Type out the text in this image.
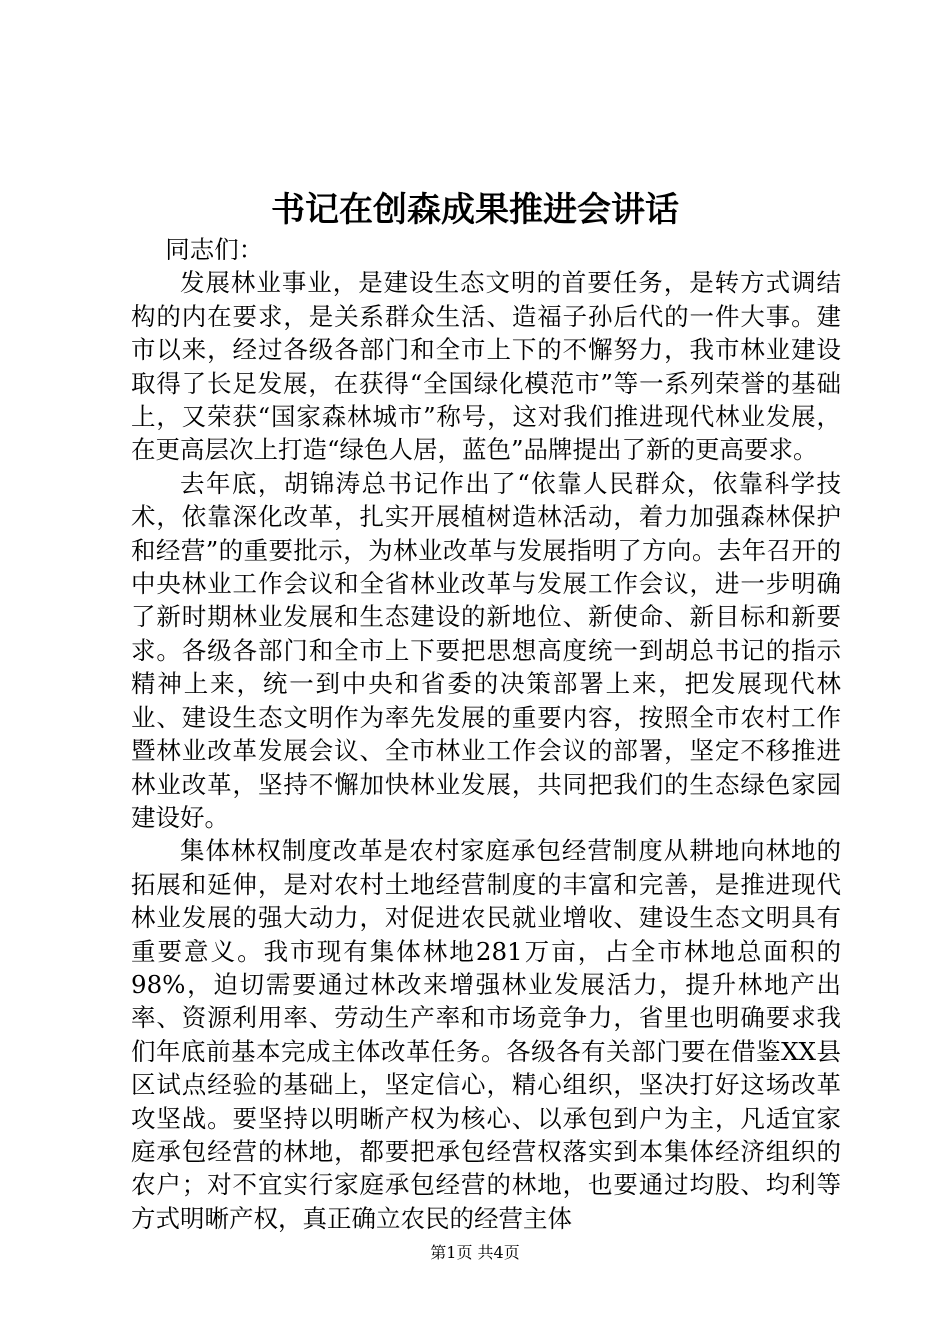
书记在创森成果推进会讲话

同志们：

发展林业事业，是建设生态文明的首要任务，是转方式调结构的内在要求，是关系群众生活、造福子孙后代的一件大事。建市以来，经过各级各部门和全市上下的不懈努力，我市林业建设取得了长足发展，在获得“全国绿化模范市”等一系列荣誉的基础上，又荣获“国家森林城市”称号，这对我们推进现代林业发展，在更高层次上打造“绿色人居，蓝色”品牌提出了新的更高要求。

去年底，胡锦涛总书记作出了“依靠人民群众，依靠科学技术，依靠深化改革，扎实开展植树造林活动，着力加强森林保护和经营”的重要批示，为林业改革与发展指明了方向。去年召开的中央林业工作会议和全省林业改革与发展工作会议，进一步明确了新时期林业发展和生态建设的新地位、新使命、新目标和新要求。各级各部门和全市上下要把思想高度统一到胡总书记的指示精神上来，统一到中央和省委的决策部署上来，把发展现代林业、建设生态文明作为率先发展的重要内容，按照全市农村工作暨林业改革发展会议、全市林业工作会议的部署，坚定不移推进林业改革，坚持不懈加快林业发展，共同把我们的生态绿色家园建设好。

集体林权制度改革是农村家庭承包经营制度从耕地向林地的拓展和延伸，是对农村土地经营制度的丰富和完善，是推进现代林业发展的强大动力，对促进农民就业增收、建设生态文明具有重要意义。我市现有集体林地281万亩，占全市林地总面积的98%，迫切需要通过林改来增强林业发展活力，提升林地产出率、资源利用率、劳动生产率和市场竞争力，省里也明确要求我们年底前基本完成主体改革任务。各级各有关部门要在借鉴XX县区试点经验的基础上，坚定信心，精心组织，坚决打好这场改革攻坚战。要坚持以明晰产权为核心、以承包到户为主，凡适宜家庭承包经营的林地，都要把承包经营权落实到本集体经济组织的农户；对不宜实行家庭承包经营的林地，也要通过均股、均利等方式明晰产权，真正确立农民的经营主体

第1页 共4页
